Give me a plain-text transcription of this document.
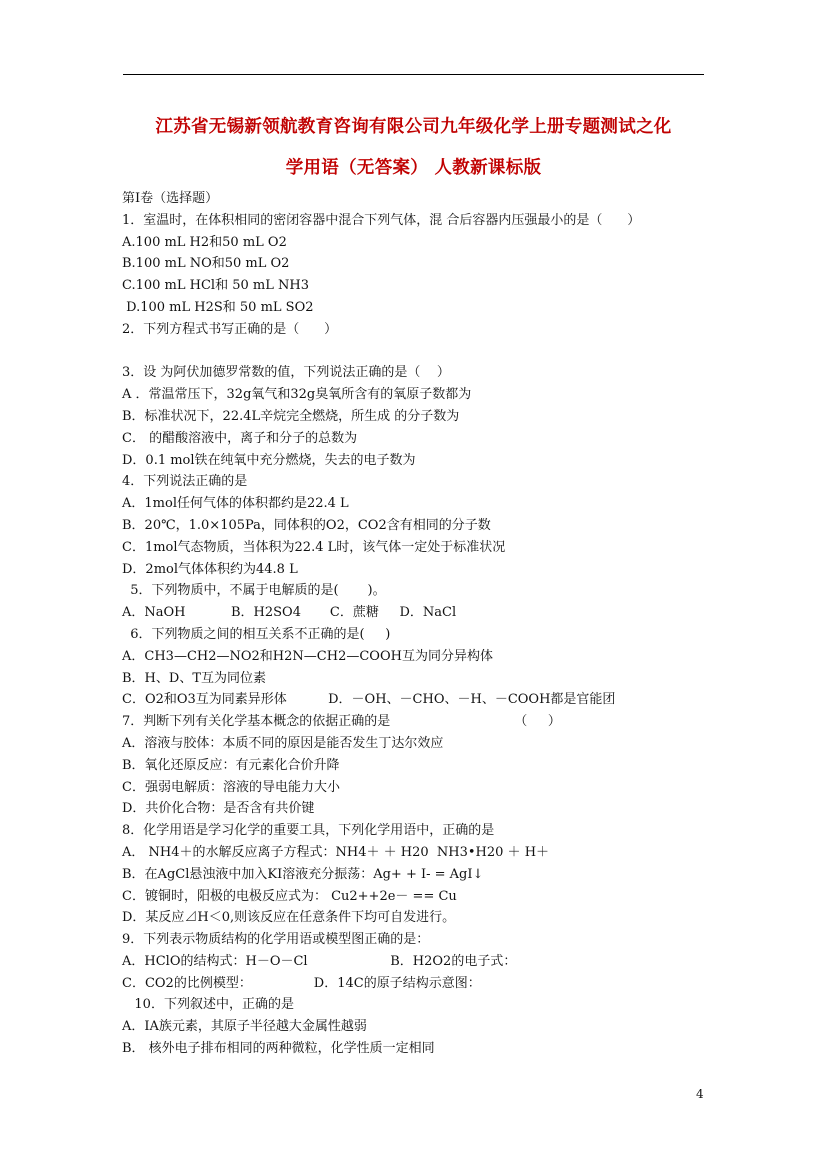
江苏省无锡新领航教育咨询有限公司九年级化学上册专题测试之化
学用语（无答案） 人教新课标版
第Ⅰ卷（选择题）
1．室温时，在体积相同的密闭容器中混合下列气体，混 合后容器内压强最小的是（      ）
A.100 mL H2和50 mL O2
B.100 mL NO和50 mL O2
C.100 mL HCl和 50 mL NH3
D.100 mL H2S和 50 mL SO2
2．下列方程式书写正确的是（      ）
3．设 为阿伏加德罗常数的值，下列说法正确的是（    ）
A ．常温常压下，32g氧气和32g臭氧所含有的氧原子数都为
B．标准状况下，22.4L辛烷完全燃烧，所生成 的分子数为
C． 的醋酸溶液中，离子和分子的总数为
D．0.1 mol铁在纯氧中充分燃烧，失去的电子数为
4．下列说法正确的是
A．1mol任何气体的体积都约是22.4 L
B．20℃，1.0×105Pa，同体积的O2，CO2含有相同的分子数
C．1mol气态物质，当体积为22.4 L时，该气体一定处于标准状况
D．2mol气体体积约为44.8 L
5．下列物质中，不属于电解质的是(       )。
A．NaOH           B．H2SO4       C．蔗糖     D．NaCl
6．下列物质之间的相互关系不正确的是(     )
A．CH3—CH2—NO2和H2N—CH2—COOH互为同分异构体
B．H、D、T互为同位素
C．O2和O3互为同素异形体          D．－OH、－CHO、－H、－COOH都是官能团
7．判断下列有关化学基本概念的依据正确的是                              （     ）
A．溶液与胶体：本质不同的原因是能否发生丁达尔效应
B．氧化还原反应：有元素化合价升降
C．强弱电解质：溶液的导电能力大小
D．共价化合物：是否含有共价键
8．化学用语是学习化学的重要工具，下列化学用语中，正确的是
A． NH4＋的水解反应离子方程式：NH4＋ ＋ H20  NH3•H20 ＋ H＋
B．在AgCl悬浊液中加入KI溶液充分振荡：Ag+ + I- = AgI↓
C．镀铜时，阳极的电极反应式为： Cu2++2e－ == Cu
D．某反应⊿H＜0,则该反应在任意条件下均可自发进行。
9．下列表示物质结构的化学用语或模型图正确的是：
A．HClO的结构式：H－O－Cl                    B．H2O2的电子式：
C．CO2的比例模型：               D．14C的原子结构示意图：
10．下列叙述中，正确的是
A．IA族元素，其原子半径越大金属性越弱
B． 核外电子排布相同的两种微粒，化学性质一定相同
4
